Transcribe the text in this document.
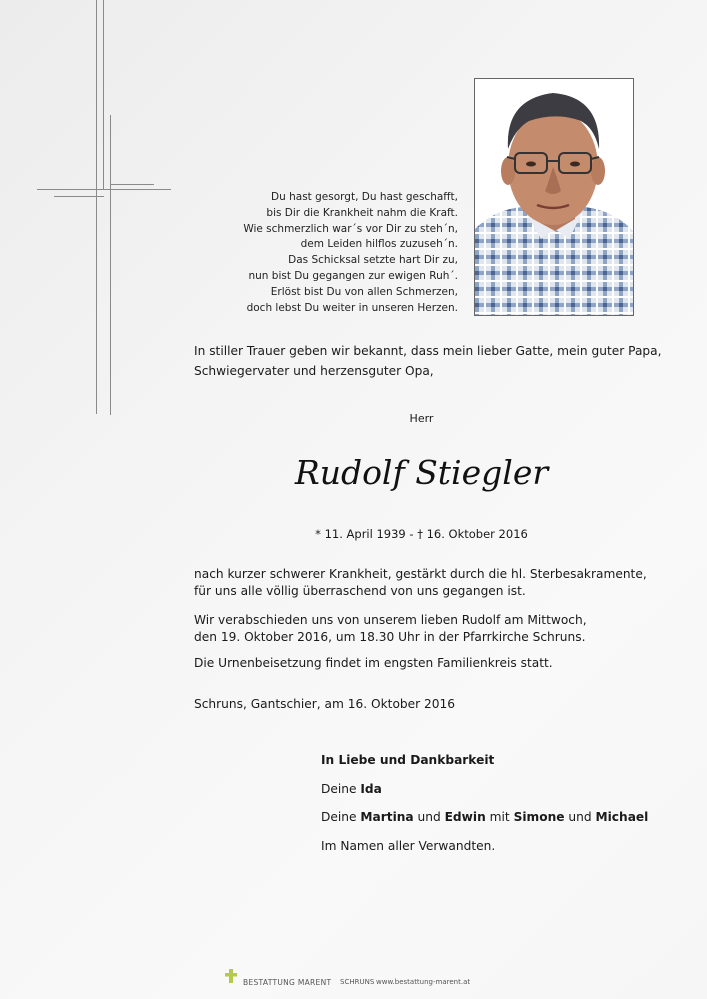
Du hast gesorgt, Du hast geschafft,
bis Dir die Krankheit nahm die Kraft.
Wie schmerzlich war´s vor Dir zu steh´n,
dem Leiden hilflos zuzuseh´n.
Das Schicksal setzte hart Dir zu,
nun bist Du gegangen zur ewigen Ruh´.
Erlöst bist Du von allen Schmerzen,
doch lebst Du weiter in unseren Herzen.
In stiller Trauer geben wir bekannt, dass mein lieber Gatte, mein guter Papa,
Schwiegervater und herzensguter Opa,
Herr
Rudolf Stiegler
* 11. April 1939 - † 16. Oktober 2016
nach kurzer schwerer Krankheit, gestärkt durch die hl. Sterbesakramente,
für uns alle völlig überraschend von uns gegangen ist.
Wir verabschieden uns von unserem lieben Rudolf am Mittwoch,
den 19. Oktober 2016, um 18.30 Uhr in der Pfarrkirche Schruns.
Die Urnenbeisetzung findet im engsten Familienkreis statt.
Schruns, Gantschier, am 16. Oktober 2016
In Liebe und Dankbarkeit
Deine Ida
Deine Martina und Edwin mit Simone und Michael
Im Namen aller Verwandten.
BESTATTUNG MARENT SCHRUNS www.bestattung-marent.at
